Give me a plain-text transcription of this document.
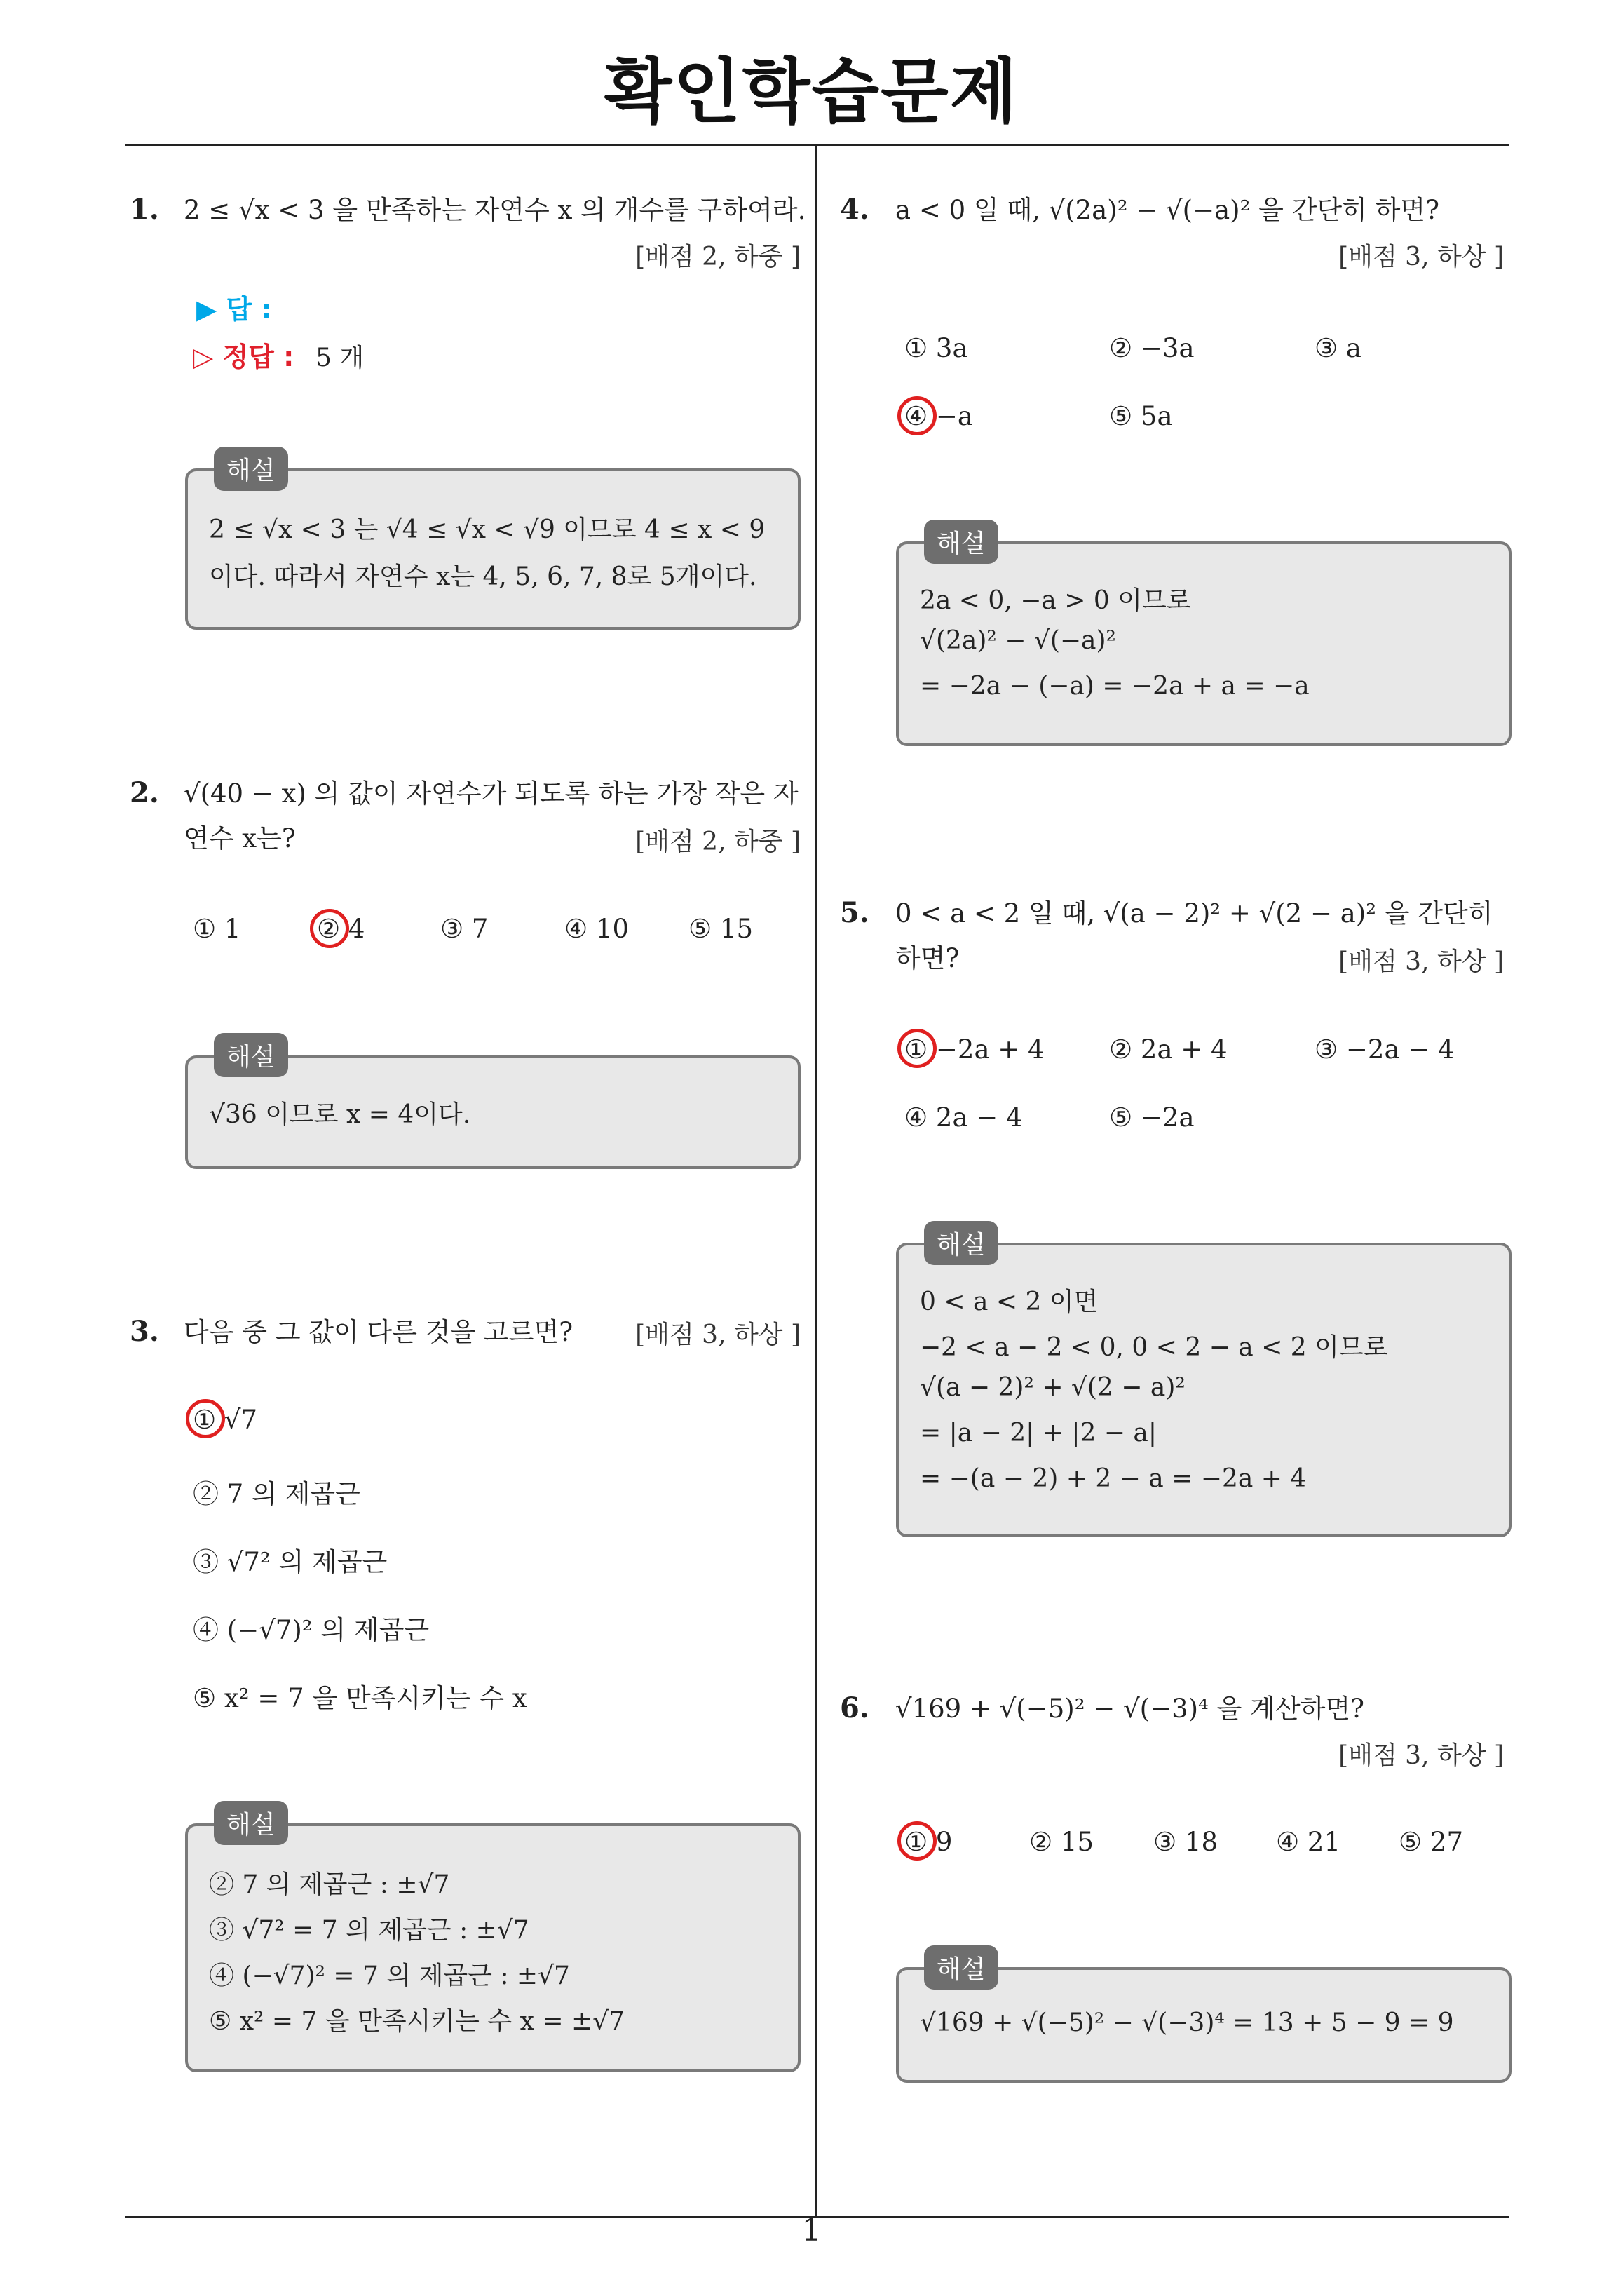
확인학습문제
1
1. 2 ≤ √x < 3 을 만족하는 자연수 x 의 개수를 구하여라.
[배점 2, 하중 ]
▶ 답 :
▷ 정답 : 5 개
2 ≤ √x < 3 는 √4 ≤ √x < √9 이므로 4 ≤ x < 9
이다. 따라서 자연수 x는 4, 5, 6, 7, 8로 5개이다.
해설
2. √(40 − x) 의 값이 자연수가 되도록 하는 가장 작은 자
연수 x는?	[배점 2, 하중 ]
① 1	② 4	③ 7	④ 10 ⑤ 15
√36 이므로 x = 4이다.
해설
3. 다음 중 그 값이 다른 것을 고르면?	[배점 3, 하상 ]
① √7
② 7 의 제곱근
③ √7² 의 제곱근
④ (−√7)² 의 제곱근
⑤ x² = 7 을 만족시키는 수 x
② 7 의 제곱근 : ±√7
③ √7² = 7 의 제곱근 : ±√7
④ (−√7)² = 7 의 제곱근 : ±√7
⑤ x² = 7 을 만족시키는 수 x = ±√7
해설
4. a < 0 일 때, √(2a)² − √(−a)² 을 간단히 하면?
[배점 3, 하상 ]
① 3a	② −3a	③ a
④ −a	⑤ 5a
2a < 0, −a > 0 이므로
√(2a)² − √(−a)²
= −2a − (−a) = −2a + a = −a
해설
5. 0 < a < 2 일 때, √(a − 2)² + √(2 − a)² 을 간단히
하면?	[배점 3, 하상 ]
① −2a + 4 ② 2a + 4	③ −2a − 4
④ 2a − 4	⑤ −2a
0 < a < 2 이면
−2 < a − 2 < 0, 0 < 2 − a < 2 이므로
√(a − 2)² + √(2 − a)²
= |a − 2| + |2 − a|
= −(a − 2) + 2 − a = −2a + 4
해설
6. √169 + √(−5)² − √(−3)⁴ 을 계산하면?
[배점 3, 하상 ]
① 9	② 15 ③ 18 ④ 21 ⑤ 27
√169 + √(−5)² − √(−3)⁴ = 13 + 5 − 9 = 9
해설
